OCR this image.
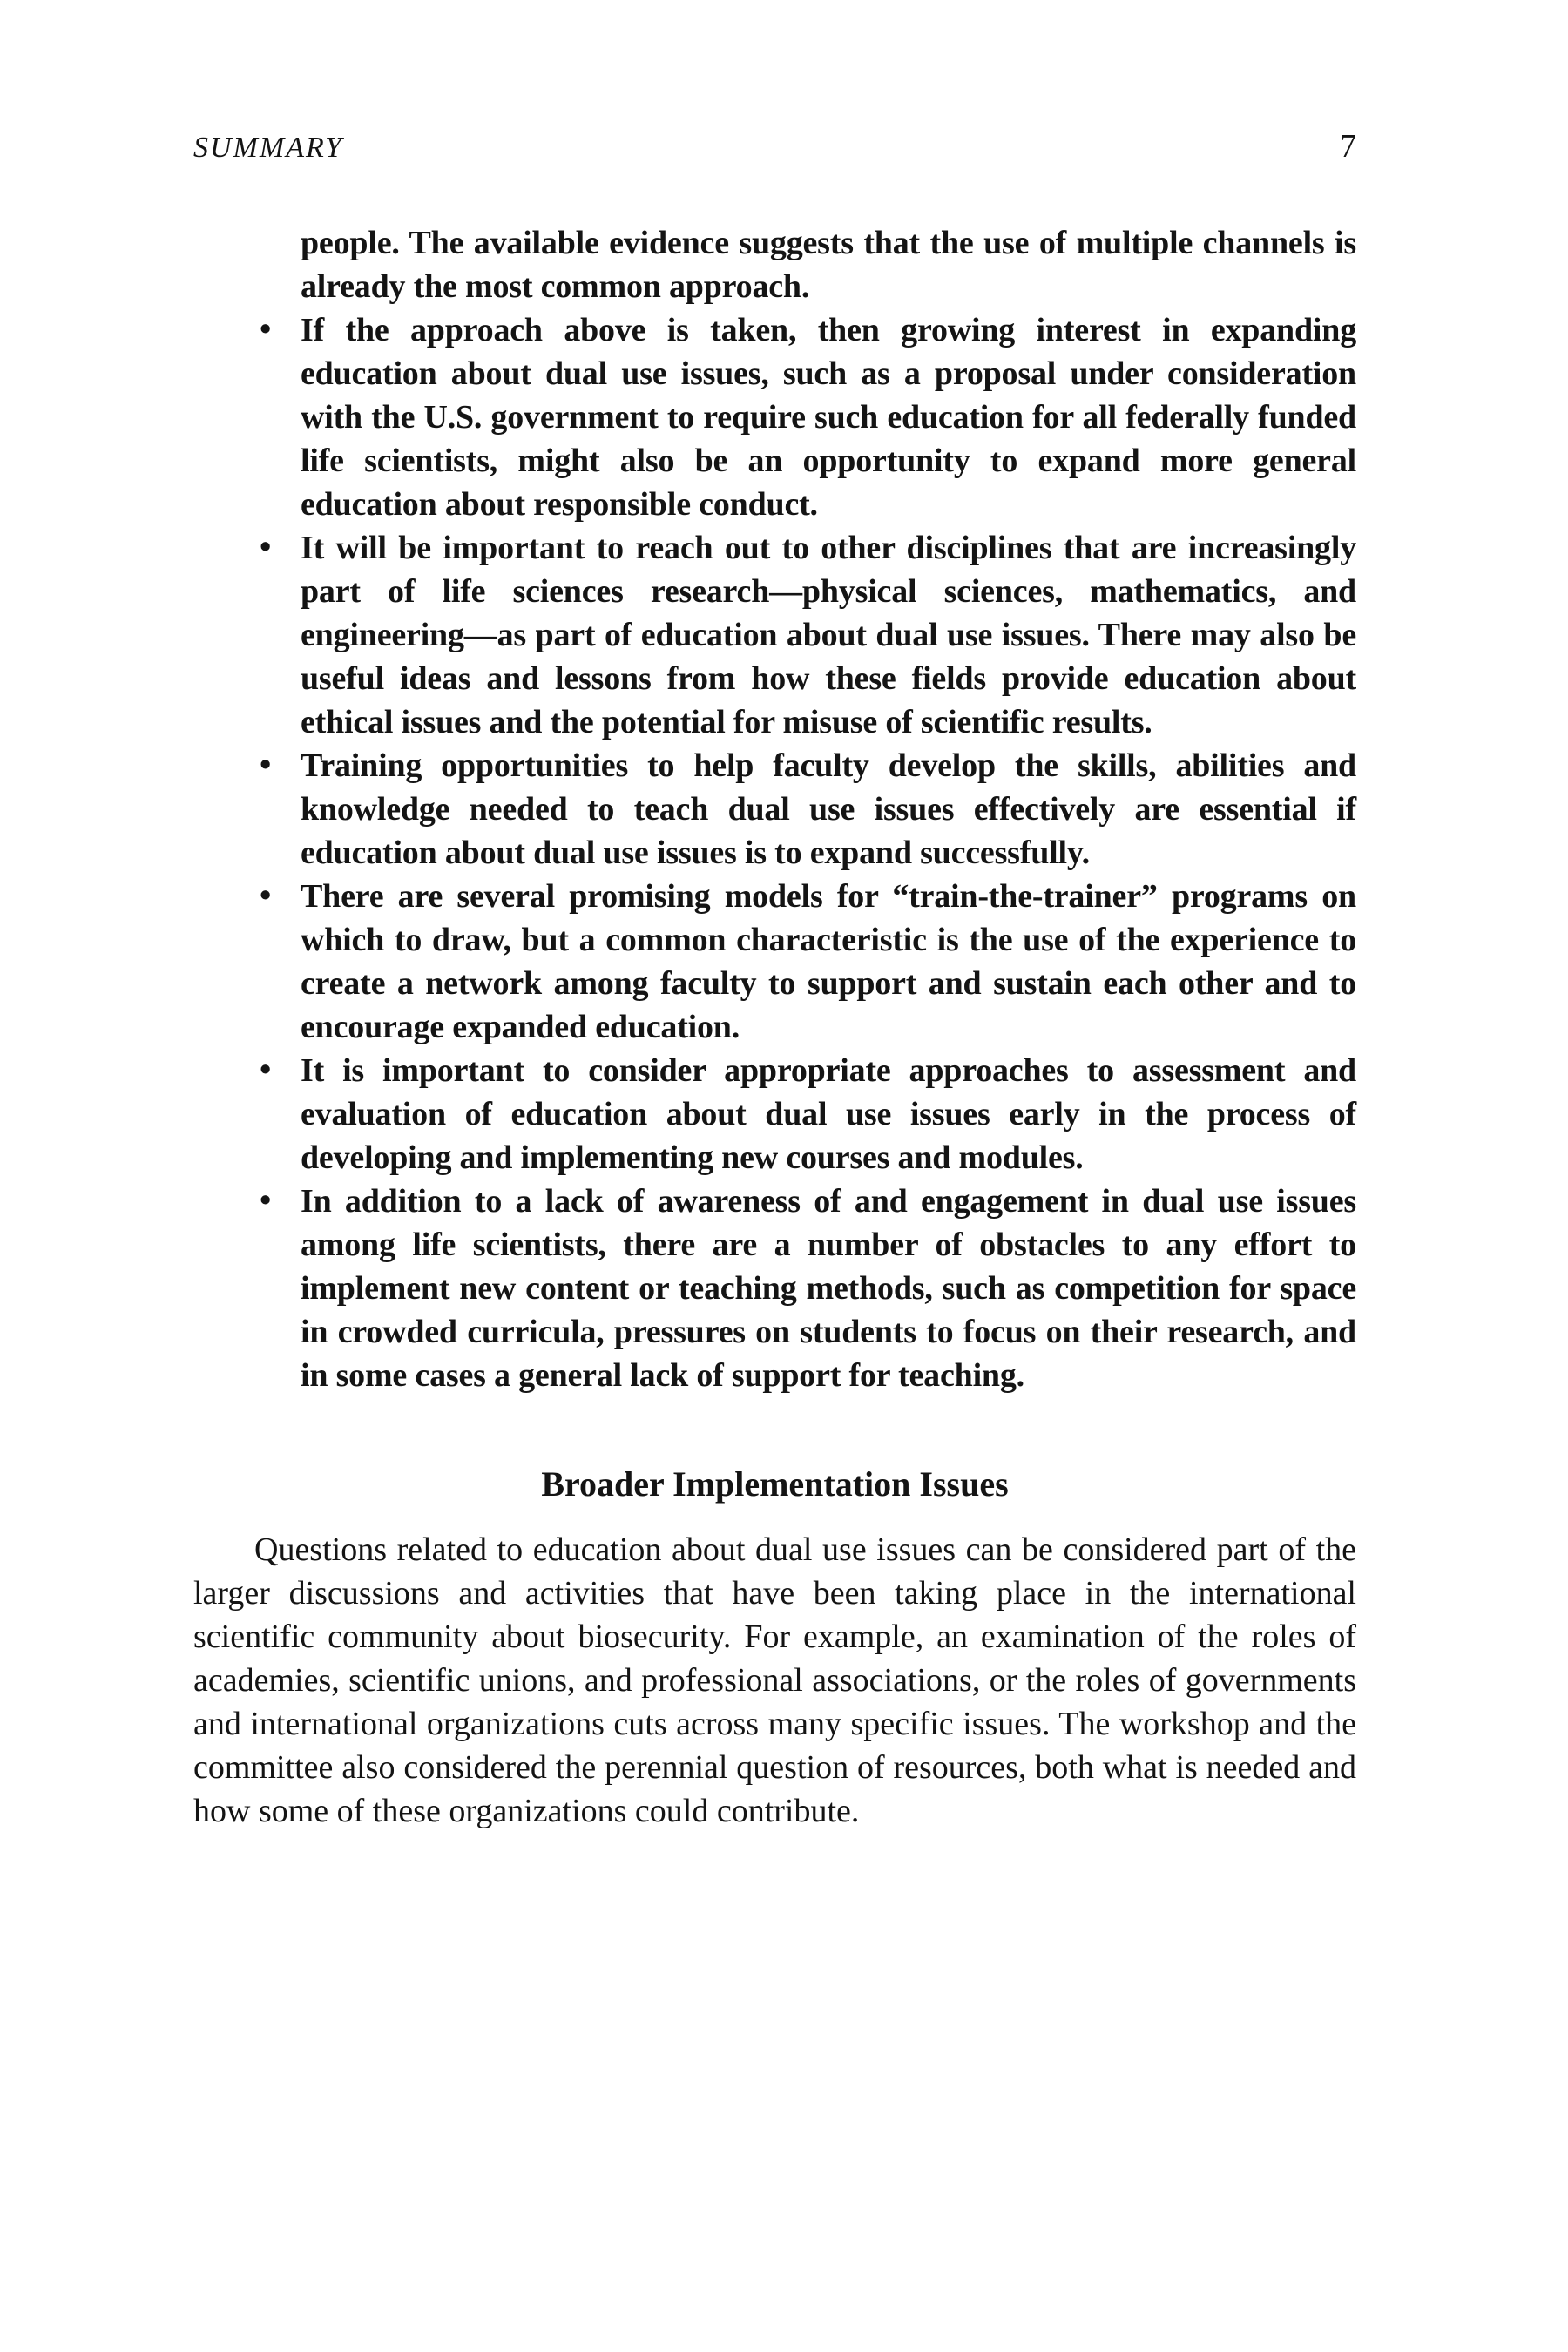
SUMMARY	7

people. The available evidence suggests that the use of multiple channels is already the most common approach.

• If the approach above is taken, then growing interest in expanding education about dual use issues, such as a proposal under consideration with the U.S. government to require such education for all federally funded life scientists, might also be an opportunity to expand more general education about responsible conduct.
• It will be important to reach out to other disciplines that are increasingly part of life sciences research—physical sciences, mathematics, and engineering—as part of education about dual use issues. There may also be useful ideas and lessons from how these fields provide education about ethical issues and the potential for misuse of scientific results.
• Training opportunities to help faculty develop the skills, abilities and knowledge needed to teach dual use issues effectively are essential if education about dual use issues is to expand successfully.
• There are several promising models for “train-the-trainer” programs on which to draw, but a common characteristic is the use of the experience to create a network among faculty to support and sustain each other and to encourage expanded education.
• It is important to consider appropriate approaches to assessment and evaluation of education about dual use issues early in the process of developing and implementing new courses and modules.
• In addition to a lack of awareness of and engagement in dual use issues among life scientists, there are a number of obstacles to any effort to implement new content or teaching methods, such as competition for space in crowded curricula, pressures on students to focus on their research, and in some cases a general lack of support for teaching.
Broader Implementation Issues

Questions related to education about dual use issues can be considered part of the larger discussions and activities that have been taking place in the international scientific community about biosecurity. For example, an examination of the roles of academies, scientific unions, and professional associations, or the roles of governments and international organizations cuts across many specific issues. The workshop and the committee also considered the perennial question of resources, both what is needed and how some of these organizations could contribute.
